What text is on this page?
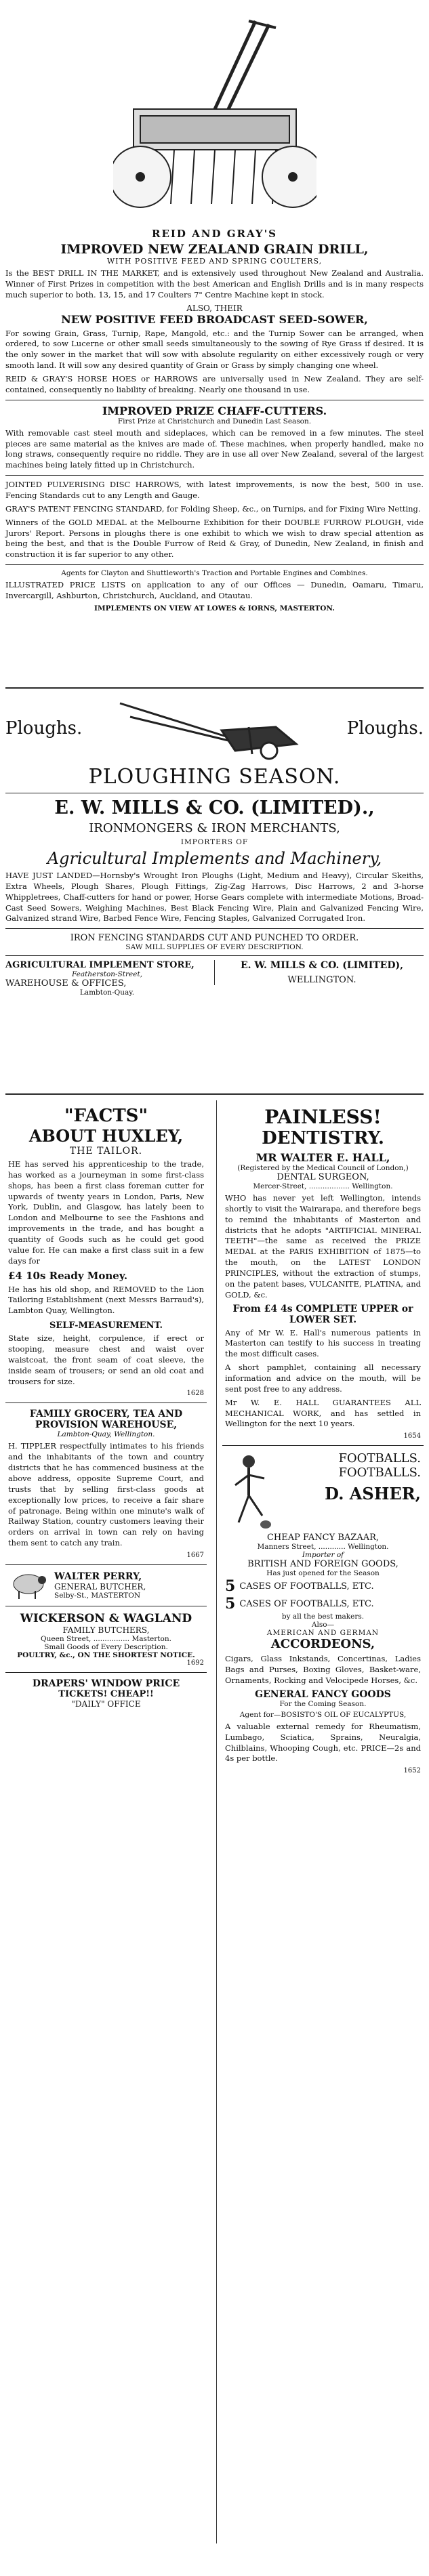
REID AND GRAY'S
IMPROVED NEW ZEALAND GRAIN DRILL,
WITH POSITIVE FEED AND SPRING COULTERS,

Is the BEST DRILL IN THE MARKET, and is extensively used throughout New Zealand and Australia. Winner of First Prizes in competition with the best American and English Drills and is in many respects much superior to both. 13, 15, and 17 Coulters 7" Centre Machine kept in stock.

ALSO, THEIR
NEW POSITIVE FEED BROADCAST SEED-SOWER,

For sowing Grain, Grass, Turnip, Rape, Mangold, etc.: and the Turnip Sower can be arranged, when ordered, to sow Lucerne or other small seeds simultaneously to the sowing of Rye Grass if desired. It is the only sower in the market that will sow with absolute regularity on either excessively rough or very smooth land. It will sow any desired quantity of Grain or Grass by simply changing one wheel.

REID & GRAY'S HORSE HOES or HARROWS are universally used in New Zealand. They are self-contained, consequently no liability of breaking. Nearly one thousand in use.

IMPROVED PRIZE CHAFF-CUTTERS.
First Prize at Christchurch and Dunedin Last Season.

With removable cast steel mouth and sideplaces, which can be removed in a few minutes. The steel pieces are same material as the knives are made of. These machines, when properly handled, make no long straws, consequently require no riddle. They are in use all over New Zealand, several of the largest machines being lately fitted up in Christchurch.

JOINTED PULVERISING DISC HARROWS, with latest improvements, is now the best, 500 in use. Fencing Standards cut to any Length and Gauge.

GRAY'S PATENT FENCING STANDARD, for Folding Sheep, &c., on Turnips, and for Fixing Wire Netting.

Winners of the GOLD MEDAL at the Melbourne Exhibition for their DOUBLE FURROW PLOUGH, vide Jurors' Report. Persons in ploughs there is one exhibit to which we wish to draw special attention as being the best, and that is the Double Furrow of Reid & Gray, of Dunedin, New Zealand, in finish and construction it is far superior to any other.

Agents for Clayton and Shuttleworth's Traction and Portable Engines and Combines.

ILLUSTRATED PRICE LISTS on application to any of our Offices — Dunedin, Oamaru, Timaru, Invercargill, Ashburton, Christchurch, Auckland, and Otautau.

IMPLEMENTS ON VIEW AT LOWES & IORNS, MASTERTON.
Ploughs.	Ploughs.
PLOUGHING SEASON.
E. W. MILLS & CO. (LIMITED).,
IRONMONGERS & IRON MERCHANTS,
IMPORTERS OF
Agricultural Implements and Machinery,

HAVE JUST LANDED—Hornsby's Wrought Iron Ploughs (Light, Medium and Heavy), Circular Skeiths, Extra Wheels, Plough Shares, Plough Fittings, Zig-Zag Harrows, Disc Harrows, 2 and 3-horse Whippletrees, Chaff-cutters for hand or power, Horse Gears complete with intermediate Motions, Broad-Cast Seed Sowers, Weighing Machines, Best Black Fencing Wire, Plain and Galvanized Fencing Wire, Galvanized strand Wire, Barbed Fence Wire, Fencing Staples, Galvanized Corrugated Iron.

IRON FENCING STANDARDS CUT AND PUNCHED TO ORDER.
SAW MILL SUPPLIES OF EVERY DESCRIPTION.
AGRICULTURAL IMPLEMENT STORE,
Featherston-Street,
WAREHOUSE & OFFICES,
Lambton-Quay.
E. W. MILLS & CO. (LIMITED),
WELLINGTON.
"FACTS"
ABOUT HUXLEY,
THE TAILOR.

HE has served his apprenticeship to the trade, has worked as a journeyman in some first-class shops, has been a first class foreman cutter for upwards of twenty years in London, Paris, New York, Dublin, and Glasgow, has lately been to London and Melbourne to see the Fashions and improvements in the trade, and has bought a quantity of Goods such as he could get good value for. He can make a first class suit in a few days for

£4 10s Ready Money.

He has his old shop, and REMOVED to the Lion Tailoring Establishment (next Messrs Barraud's), Lambton Quay, Wellington.

SELF-MEASUREMENT.

State size, height, corpulence, if erect or stooping, measure chest and waist over waistcoat, the front seam of coat sleeve, the inside seam of trousers; or send an old coat and trousers for size.

1628
FAMILY GROCERY, TEA AND PROVISION WAREHOUSE,
Lambton-Quay, Wellington.

H. TIPPLER respectfully intimates to his friends and the inhabitants of the town and country districts that he has commenced business at the above address, opposite Supreme Court, and trusts that by selling first-class goods at exceptionally low prices, to receive a fair share of patronage. Being within one minute's walk of Railway Station, country customers leaving their orders on arrival in town can rely on having them sent to catch any train.

1667
WALTER PERRY,
GENERAL BUTCHER,
Selby-St., MASTERTON
WICKERSON & WAGLAND
FAMILY BUTCHERS,
Queen Street, ................ Masterton.
Small Goods of Every Description.
POULTRY, &c., ON THE SHORTEST NOTICE.
1692
DRAPERS' WINDOW PRICE
TICKETS! CHEAP!!
"DAILY" OFFICE
PAINLESS!
DENTISTRY.
MR WALTER E. HALL,
(Registered by the Medical Council of London,)
DENTAL SURGEON,
Mercer-Street, .................. Wellington.

WHO has never yet left Wellington, intends shortly to visit the Wairarapa, and therefore begs to remind the inhabitants of Masterton and districts that he adopts "ARTIFICIAL MINERAL TEETH"—the same as received the PRIZE MEDAL at the PARIS EXHIBITION of 1875—to the mouth, on the LATEST LONDON PRINCIPLES, without the extraction of stumps, on the patent bases, VULCANITE, PLATINA, and GOLD, &c.

From £4 4s COMPLETE UPPER or LOWER SET.

Any of Mr W. E. Hall's numerous patients in Masterton can testify to his success in treating the most difficult cases.

A short pamphlet, containing all necessary information and advice on the mouth, will be sent post free to any address.

Mr W. E. HALL GUARANTEES ALL MECHANICAL WORK, and has settled in Wellington for the next 10 years.

1654
FOOTBALLS.
FOOTBALLS.
D. ASHER,
CHEAP FANCY BAZAAR,
Manners Street, ............ Wellington.
Importer of
BRITISH AND FOREIGN GOODS,
Has just opened for the Season
5 CASES OF FOOTBALLS, ETC.
5 CASES OF FOOTBALLS, ETC.
by all the best makers.
Also—
AMERICAN AND GERMAN
ACCORDEONS,

Cigars, Glass Inkstands, Concertinas, Ladies Bags and Purses, Boxing Gloves, Basket-ware, Ornaments, Rocking and Velocipede Horses, &c.

GENERAL FANCY GOODS
For the Coming Season.
Agent for—BOSISTO'S OIL OF EUCALYPTUS,

A valuable external remedy for Rheumatism, Lumbago, Sciatica, Sprains, Neuralgia, Chilblains, Whooping Cough, etc. PRICE—2s and 4s per bottle.

1652
